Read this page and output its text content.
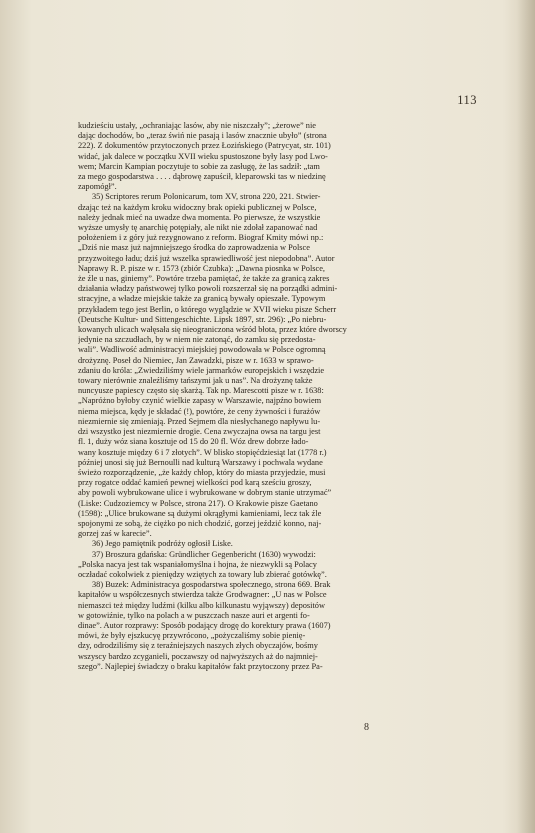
113
kudzieściu ustały, „ochraniając lasów, aby nie niszczały”; „żerowe” nie
dając dochodów, bo „teraz świń nie pasają i lasów znacznie ubyło” (strona
222). Z dokumentów przytoczonych przez Łozińskiego (Patrycyat, str. 101)
widać, jak dalece w początku XVII wieku spustoszone były lasy pod Lwo-
wem; Marcin Kampian poczytuje to sobie za zasługę, że las sadził: „tam
za mego gospodarstwa . . . . dąbrowę zapuścił, kleparowski tas w niedzinę
zapomógł”.
35) Scriptores rerum Polonicarum, tom XV, strona 220, 221. Stwier-
dzając też na każdym kroku widoczny brak opieki publicznej w Polsce,
należy jednak mieć na uwadze dwa momenta. Po pierwsze, że wszystkie
wyższe umysły tę anarchię potępiały, ale nikt nie zdołał zapanować nad
położeniem i z góry już rezygnowano z reform. Biograf Kmity mówi np.:
„Dziś nie masz już najmniejszego środka do zaprowadzenia w Polsce
przyzwoitego ładu; dziś już wszelka sprawiedliwość jest niepodobna”. Autor
Naprawy R. P. pisze w r. 1573 (zbiór Czubka): „Dawna piosnka w Polsce,
że źle u nas, giniemy”. Powtóre trzeba pamiętać, że także za granicą zakres
działania władzy państwowej tylko powoli rozszerzał się na porządki admini-
stracyjne, a władze miejskie także za granicą bywały opieszałe. Typowym
przykładem tego jest Berlin, o którego wyglądzie w XVII wieku pisze Scherr
(Deutsche Kultur- und Sittengeschichte. Lipsk 1897, str. 296): „Po niebru-
kowanych ulicach wałęsała się nieograniczona wśród błota, przez które dworscy
jedynie na szczudłach, by w niem nie zatonąć, do zamku się przedosta-
wali”. Wadliwość administracyi miejskiej powodowała w Polsce ogromną
drożyznę. Poseł do Niemiec, Jan Zawadzki, pisze w r. 1633 w sprawo-
zdaniu do króla: „Zwiedziliśmy wiele jarmarków europejskich i wszędzie
towary nierównie znaleźliśmy tańszymi jak u nas”. Na drożyznę także
nuncyusze papiescy często się skarżą. Tak np. Marescotti pisze w r. 1638:
„Napróżno byłoby czynić wielkie zapasy w Warszawie, najpźno bowiem
niema miejsca, kędy je składać (!), powtóre, że ceny żywności i furażów
niezmiernie się zmieniają. Przed Sejmem dla niesłychanego napływu lu-
dzi wszystko jest niezmiernie drogie. Cena zwyczajna owsa na targu jest
fl. 1, duży wóz siana kosztuje od 15 do 20 fl. Wóz drew dobrze łado-
wany kosztuje między 6 i 7 złotych”. W blisko stopięćdziesiąt lat (1778 r.)
później unosi się już Bernoulli nad kulturą Warszawy i pochwala wydane
świeżo rozporządzenie, „że każdy chłop, który do miasta przyjedzie, musi
przy rogatce oddać kamień pewnej wielkości pod karą sześciu groszy,
aby powoli wybrukowane ulice i wybrukowane w dobrym stanie utrzymać”
(Liske: Cudzoziemcy w Polsce, strona 217). O Krakowie pisze Gaetano
(1598): „Ulice brukowane są dużymi okrągłymi kamieniami, lecz tak źle
spojonymi ze sobą, że ciężko po nich chodzić, gorzej jeździć konno, naj-
gorzej zaś w karecie”.
36) Jego pamiętnik podróży ogłosił Liske.
37) Broszura gdańska: Gründlicher Gegenbericht (1630) wywodzi:
„Polska nacya jest tak wspaniałomyślna i hojna, że niezwykli są Polacy
oczładać cokolwiek z pieniędzy wziętych za towary lub zbierać gotówkę”.
38) Buzek: Administracya gospodarstwa społecznego, strona 669. Brak
kapitałów u współczesnych stwierdza także Grodwagner: „U nas w Polsce
niemaszci też między ludźmi (kilku albo kilkunastu wyjąwszy) depositów
w gotowiźnie, tylko na polach a w puszczach nasze auri et argenti fo-
dinae”. Autor rozprawy: Sposób podający drogę do korektury prawa (1607)
mówi, że były ejszkucyę przywrócono, „pożyczaliśmy sobie pienię-
dzy, odrodziliśmy się z teraźniejszych naszych złych obyczajów, bośmy
wszyscy bardzo zcyganieli, poczawszy od najwyższych aż do najmniej-
szego”. Najlepiej świadczy o braku kapitałów fakt przytoczony przez Pa-
8
